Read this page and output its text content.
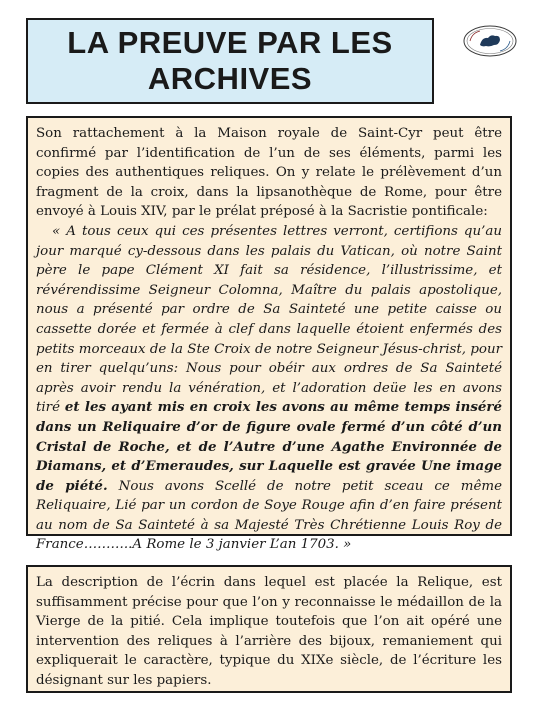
LA PREUVE PAR LES
ARCHIVES

Son rattachement à la Maison royale de Saint-Cyr peut être confirmé par l’identification de l’un de ses éléments, parmi les copies des authentiques reliques. On y relate le prélèvement d’un fragment de la croix, dans la lipsanothèque de Rome, pour être envoyé à Louis XIV, par le prélat préposé à la Sacristie pontificale:

« A tous ceux qui ces présentes lettres verront, certifions qu’au jour marqué cy-dessous dans les palais du Vatican, où notre Saint père le pape Clément XI fait sa résidence, l’illustrissime, et révérendissime Seigneur Colomna, Maître du palais apostolique, nous a présenté par ordre de Sa Sainteté une petite caisse ou cassette dorée et fermée à clef dans laquelle étoient enfermés des petits morceaux de la Ste Croix de notre Seigneur Jésus-christ, pour en tirer quelqu’uns: Nous pour obéir aux ordres de Sa Sainteté après avoir rendu la vénération, et l’adoration deüe les en avons tiré et les ayant mis en croix les avons au même temps inséré dans un Reliquaire d’or de figure ovale fermé d’un côté d’un Cristal de Roche, et de l’Autre d’une Agathe Environnée de Diamans, et d’Emeraudes, sur Laquelle est gravée Une image de piété. Nous avons Scellé de notre petit sceau ce même Reliquaire, Lié par un cordon de Soye Rouge afin d’en faire présent au nom de Sa Sainteté à sa Majesté Très Chrétienne Louis Roy de France………..A Rome le 3 janvier L’an 1703. »

La description de l’écrin dans lequel est placée la Relique, est suffisamment précise pour que l’on y reconnaisse le médaillon de la Vierge de la pitié. Cela implique toutefois que l’on ait opéré une intervention des reliques à l’arrière des bijoux, remaniement qui expliquerait le caractère, typique du XIXe siècle, de l’écriture les désignant sur les papiers.
